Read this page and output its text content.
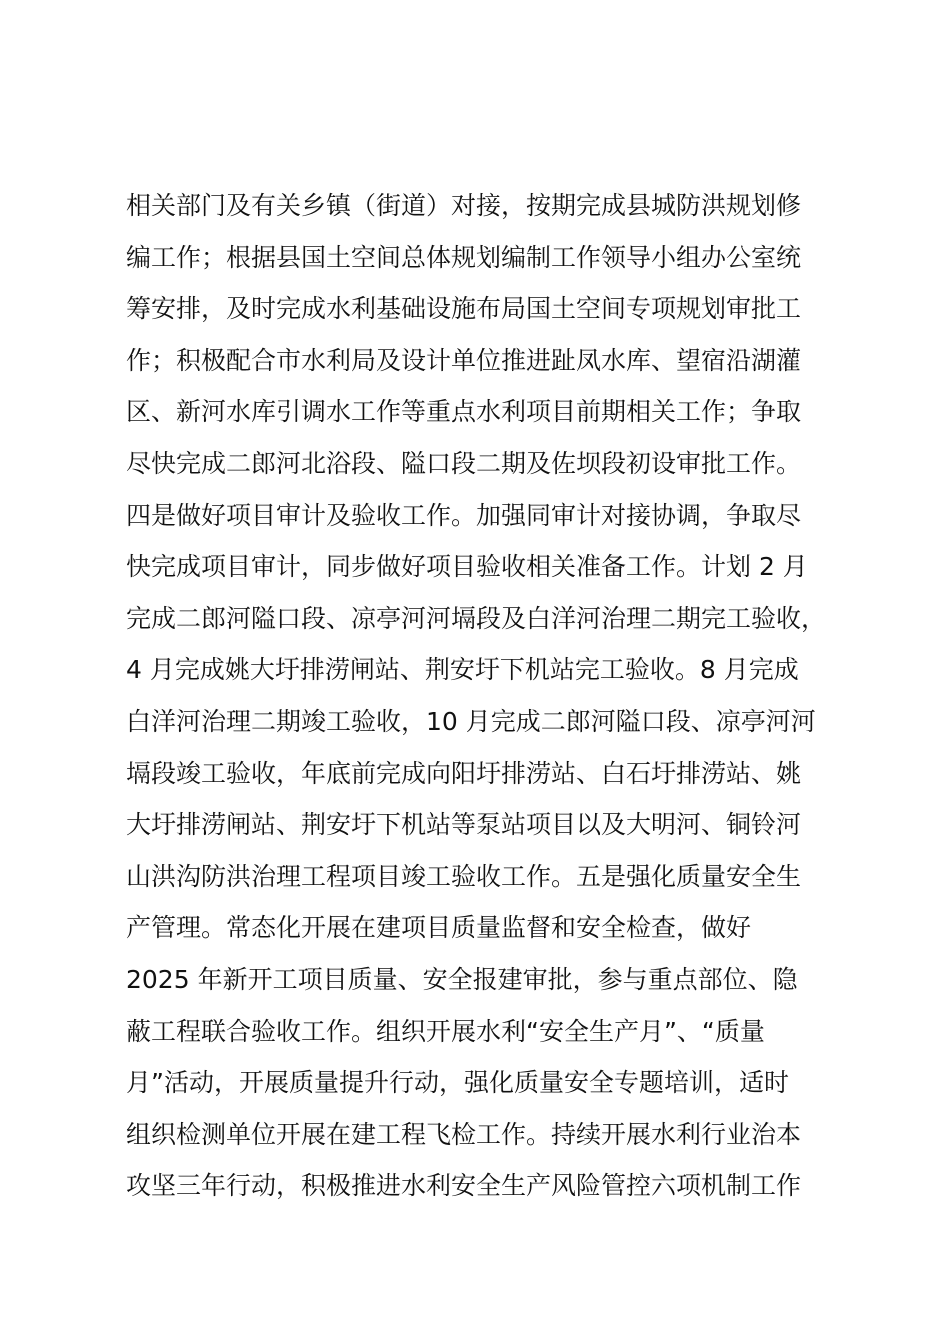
相关部门及有关乡镇（街道）对接，按期完成县城防洪规划修
编工作；根据县国土空间总体规划编制工作领导小组办公室统
筹安排，及时完成水利基础设施布局国土空间专项规划审批工
作；积极配合市水利局及设计单位推进趾凤水库、望宿沿湖灌
区、新河水库引调水工作等重点水利项目前期相关工作；争取
尽快完成二郎河北浴段、隘口段二期及佐坝段初设审批工作。
四是做好项目审计及验收工作。加强同审计对接协调，争取尽
快完成项目审计，同步做好项目验收相关准备工作。计划 2 月
完成二郎河隘口段、凉亭河河塥段及白洋河治理二期完工验收，
4 月完成姚大圩排涝闸站、荆安圩下机站完工验收。8 月完成
白洋河治理二期竣工验收，10 月完成二郎河隘口段、凉亭河河
塥段竣工验收，年底前完成向阳圩排涝站、白石圩排涝站、姚
大圩排涝闸站、荆安圩下机站等泵站项目以及大明河、铜铃河
山洪沟防洪治理工程项目竣工验收工作。五是强化质量安全生
产管理。常态化开展在建项目质量监督和安全检查，做好
2025 年新开工项目质量、安全报建审批，参与重点部位、隐
蔽工程联合验收工作。组织开展水利“安全生产月”、“质量
月”活动，开展质量提升行动，强化质量安全专题培训，适时
组织检测单位开展在建工程飞检工作。持续开展水利行业治本
攻坚三年行动，积极推进水利安全生产风险管控六项机制工作
